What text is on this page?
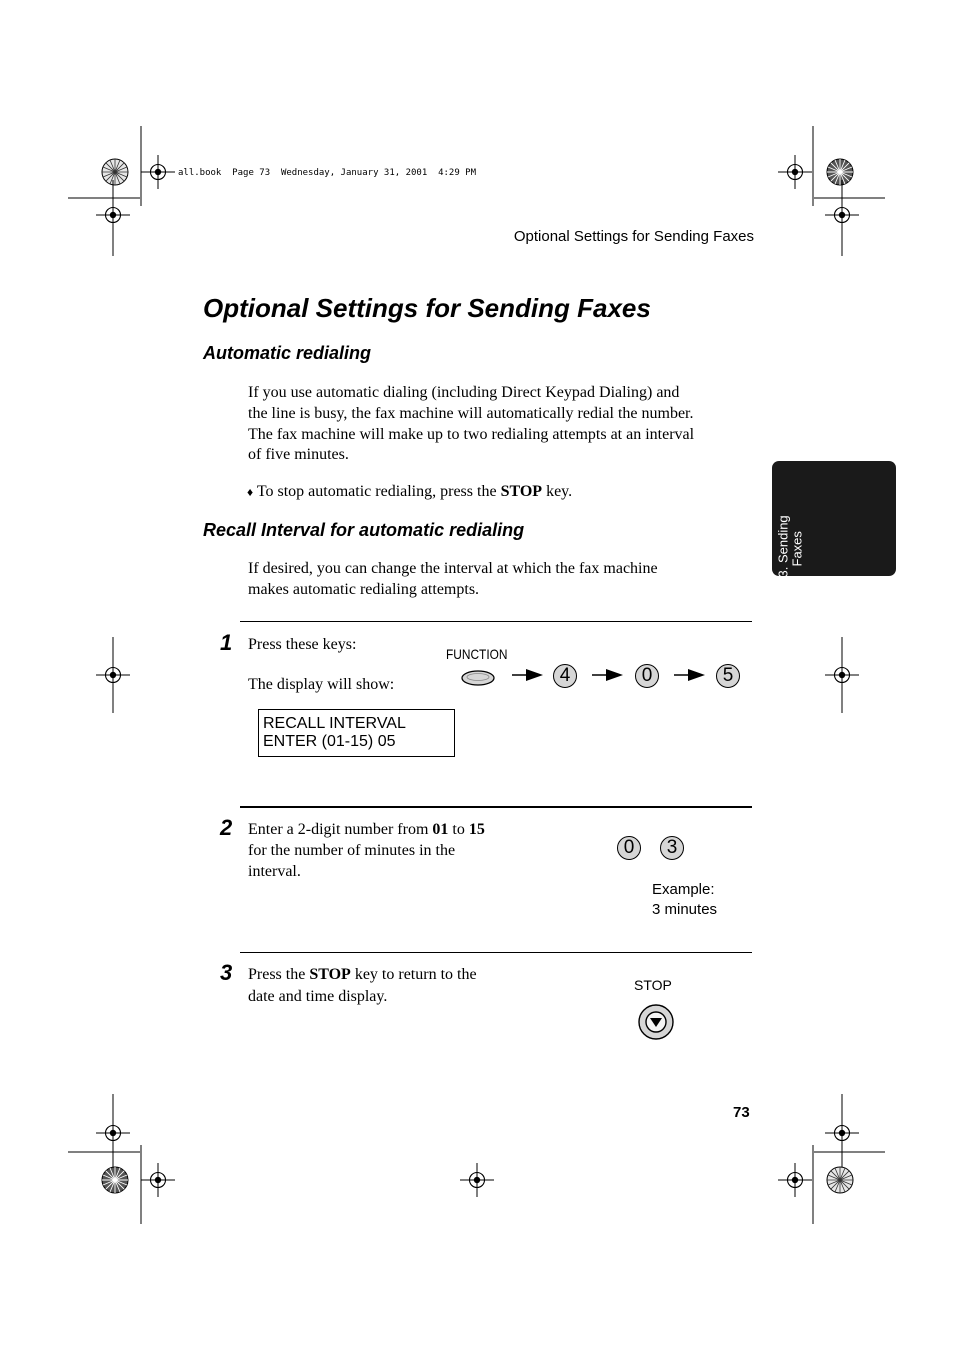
all.book  Page 73  Wednesday, January 31, 2001  4:29 PM
Optional Settings for Sending Faxes
3. Sending Faxes
Optional Settings for Sending Faxes
Automatic redialing
If you use automatic dialing (including Direct Keypad Dialing) and
the line is busy, the fax machine will automatically redial the number.
The fax machine will make up to two redialing attempts at an interval
of five minutes.
♦ To stop automatic redialing, press the STOP key.
Recall Interval for automatic redialing
If desired, you can change the interval at which the fax machine
makes automatic redialing attempts.
1 Press these keys:
The display will show:
RECALL INTERVAL
ENTER (01-15) 05
FUNCTION
4	0	5
2 Enter a 2-digit number from 01 to 15
for the number of minutes in the
interval.
0	3
Example:
3 minutes
3 Press the STOP key to return to the
date and time display.
STOP
73
